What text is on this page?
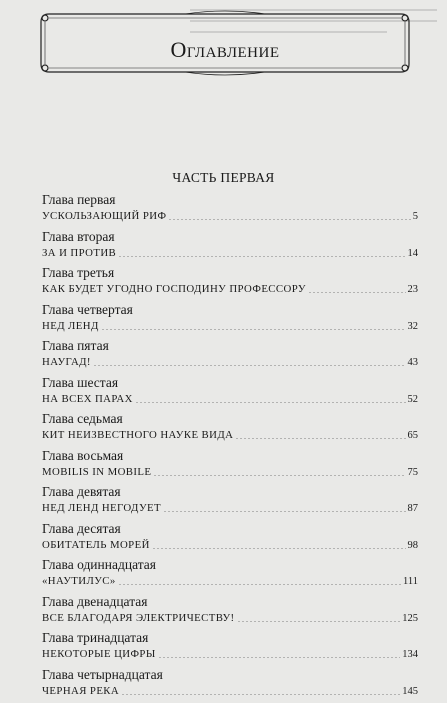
Оглавление
ЧАСТЬ ПЕРВАЯ
Глава первая
УСКОЛЬЗАЮЩИЙ РИФ	5
Глава вторая
ЗА И ПРОТИВ	14
Глава третья
КАК БУДЕТ УГОДНО ГОСПОДИНУ ПРОФЕССОРУ	23
Глава четвертая
НЕД ЛЕНД	32
Глава пятая
НАУГАД!	43
Глава шестая
НА ВСЕХ ПАРАХ	52
Глава седьмая
КИТ НЕИЗВЕСТНОГО НАУКЕ ВИДА	65
Глава восьмая
MOBILIS IN MOBILE	75
Глава девятая
НЕД ЛЕНД НЕГОДУЕТ	87
Глава десятая
ОБИТАТЕЛЬ МОРЕЙ	98
Глава одиннадцатая
«НАУТИЛУС»	111
Глава двенадцатая
ВСЕ БЛАГОДАРЯ ЭЛЕКТРИЧЕСТВУ!	125
Глава тринадцатая
НЕКОТОРЫЕ ЦИФРЫ	134
Глава четырнадцатая
ЧЕРНАЯ РЕКА	145
